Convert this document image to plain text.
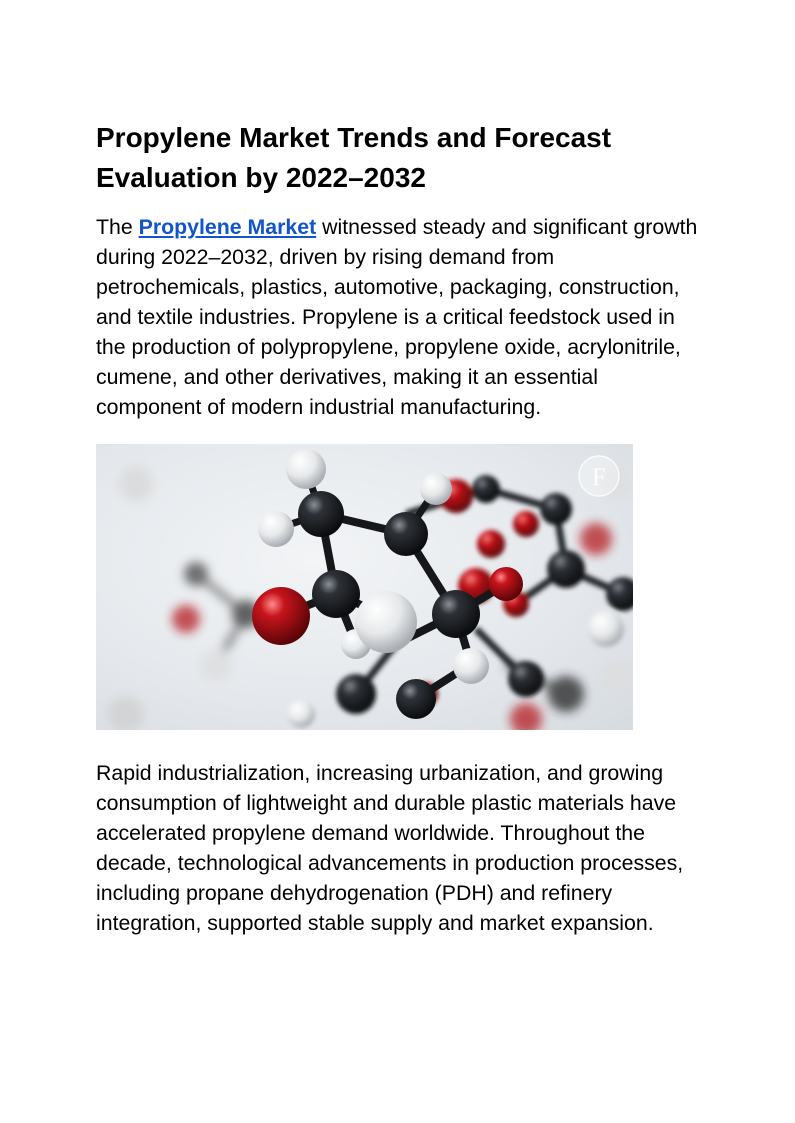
Propylene Market Trends and Forecast Evaluation by 2022–2032

The Propylene Market witnessed steady and significant growth during 2022–2032, driven by rising demand from petrochemicals, plastics, automotive, packaging, construction, and textile industries. Propylene is a critical feedstock used in the production of polypropylene, propylene oxide, acrylonitrile, cumene, and other derivatives, making it an essential component of modern industrial manufacturing.

F

Rapid industrialization, increasing urbanization, and growing consumption of lightweight and durable plastic materials have accelerated propylene demand worldwide. Throughout the decade, technological advancements in production processes, including propane dehydrogenation (PDH) and refinery integration, supported stable supply and market expansion.
